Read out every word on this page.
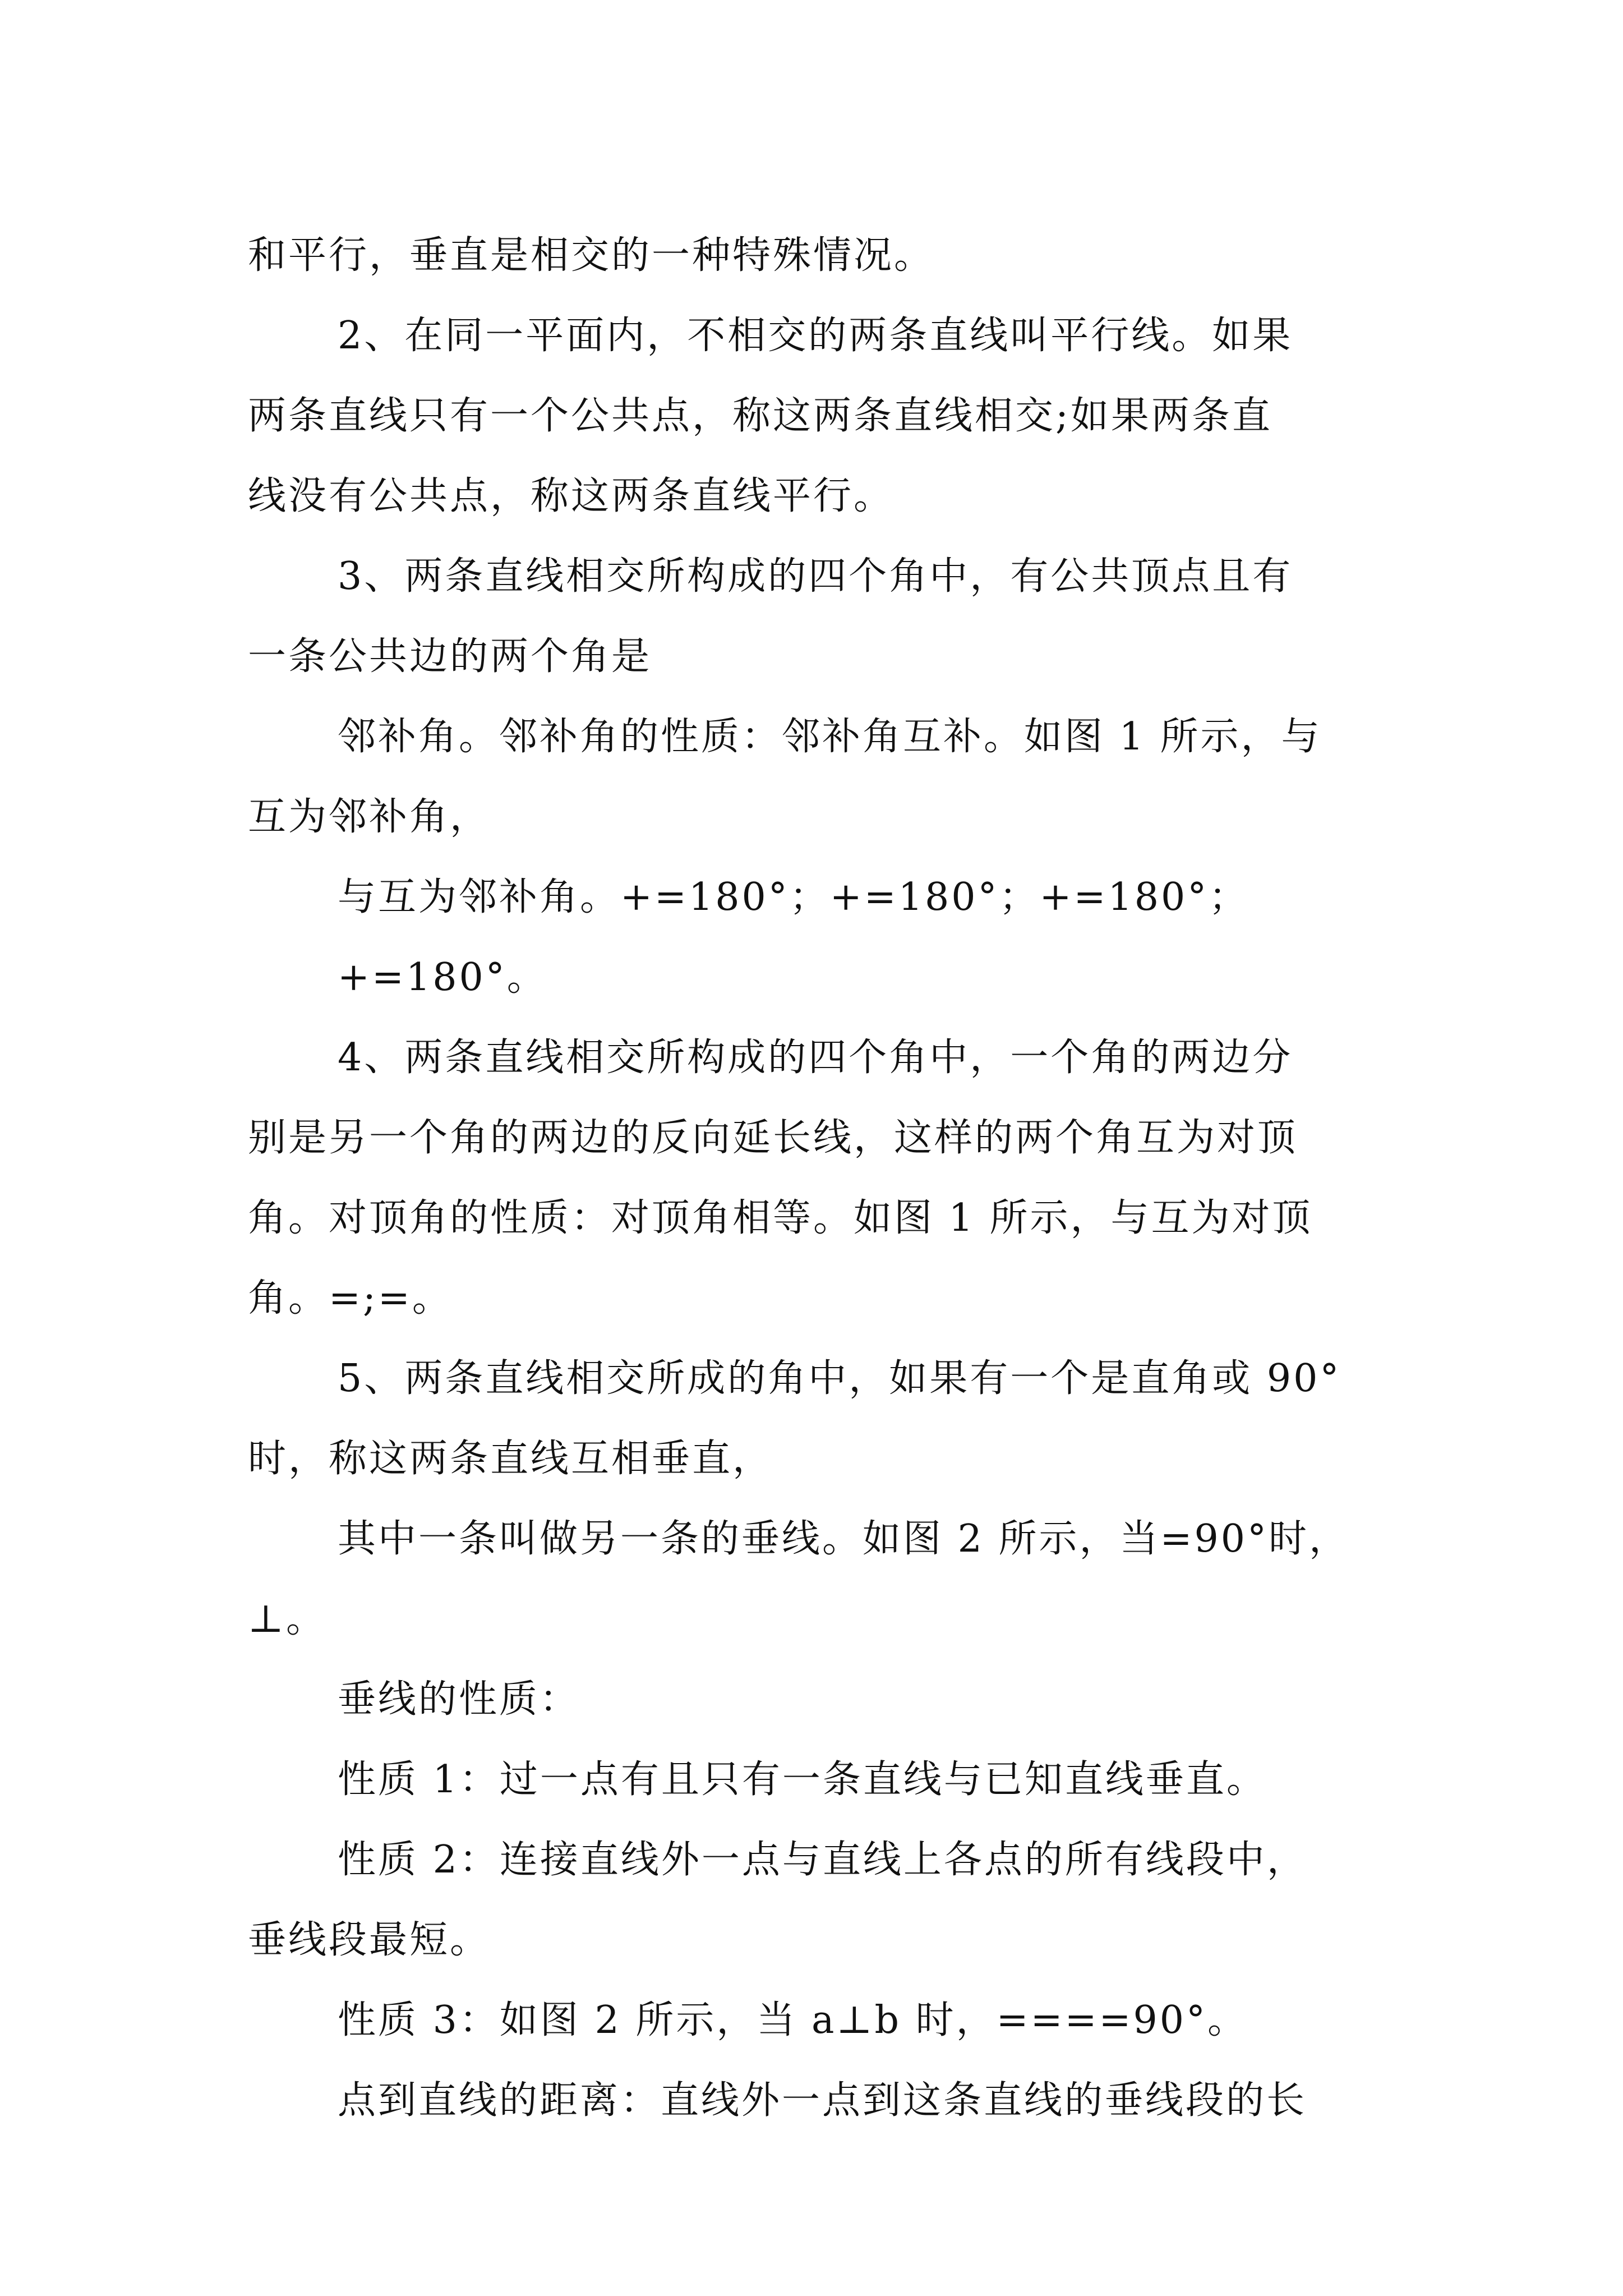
和平行，垂直是相交的一种特殊情况。
2、在同一平面内，不相交的两条直线叫平行线。如果
两条直线只有一个公共点，称这两条直线相交;如果两条直
线没有公共点，称这两条直线平行。
3、两条直线相交所构成的四个角中，有公共顶点且有
一条公共边的两个角是
邻补角。邻补角的性质：邻补角互补。如图 1 所示，与
互为邻补角，
与互为邻补角。+=180°；+=180°；+=180°；
+=180°。
4、两条直线相交所构成的四个角中，一个角的两边分
别是另一个角的两边的反向延长线，这样的两个角互为对顶
角。对顶角的性质：对顶角相等。如图 1 所示，与互为对顶
角。=;=。
5、两条直线相交所成的角中，如果有一个是直角或 90°
时，称这两条直线互相垂直，
其中一条叫做另一条的垂线。如图 2 所示，当=90°时，
⊥。
垂线的性质：
性质 1：过一点有且只有一条直线与已知直线垂直。
性质 2：连接直线外一点与直线上各点的所有线段中，
垂线段最短。
性质 3：如图 2 所示，当 a⊥b 时，====90°。
点到直线的距离：直线外一点到这条直线的垂线段的长
